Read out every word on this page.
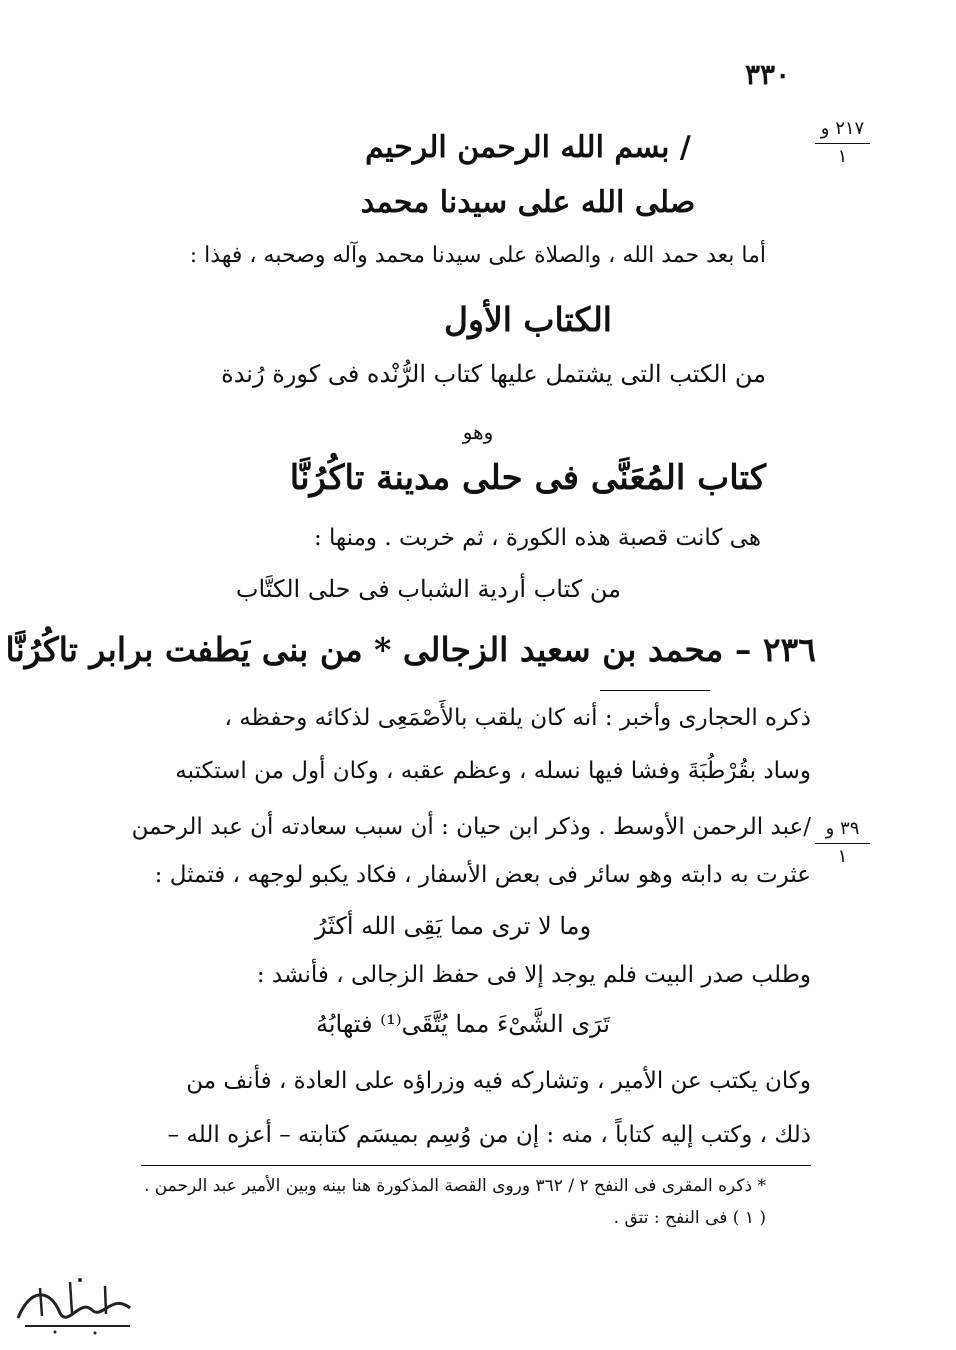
٣٣٠
٢١٧ و
١
٣٩ و
١
/ بسم الله الرحمن الرحيم
صلى الله على سيدنا محمد
أما بعد حمد الله ، والصلاة على سيدنا محمد وآله وصحبه ، فهذا :
الكتاب الأول
من الكتب التى يشتمل عليها كتاب الرُّنْده فى كورة رُندة
وهو
كتاب المُعَنَّى فى حلى مدينة تاكُرُنَّا
هى كانت قصبة هذه الكورة ، ثم خربت . ومنها :
من كتاب أردية الشباب فى حلى الكتَّاب
٢٣٦ – محمد بن سعيد الزجالى * من بنى يَطفت برابر تاكُرُنَّا
ذكره الحجارى وأخبر : أنه كان يلقب بالأَصْمَعِى لذكائه وحفظه ،
وساد بقُرْطُبَةَ وفشا فيها نسله ، وعظم عقبه ، وكان أول من استكتبه
/عبد الرحمن الأوسط . وذكر ابن حيان : أن سبب سعادته أن عبد الرحمن
عثرت به دابته وهو سائر فى بعض الأسفار ، فكاد يكبو لوجهه ، فتمثل :
وما لا ترى مما يَقِى الله أكثَرُ
وطلب صدر البيت فلم يوجد إلا فى حفظ الزجالى ، فأنشد :
تَرَى الشَّىْءَ مما يُتَّقَى⁽¹⁾ فتهابُهُ
وكان يكتب عن الأمير ، وتشاركه فيه وزراؤه على العادة ، فأنف من
ذلك ، وكتب إليه كتاباً ، منه : إن من وُسِم بميسَم كتابته – أعزه الله –
* ذكره المقرى فى النفح ٢ / ٣٦٢ وروى القصة المذكورة هنا بينه وبين الأمير عبد الرحمن .
( ١ ) فى النفح : تتق .
